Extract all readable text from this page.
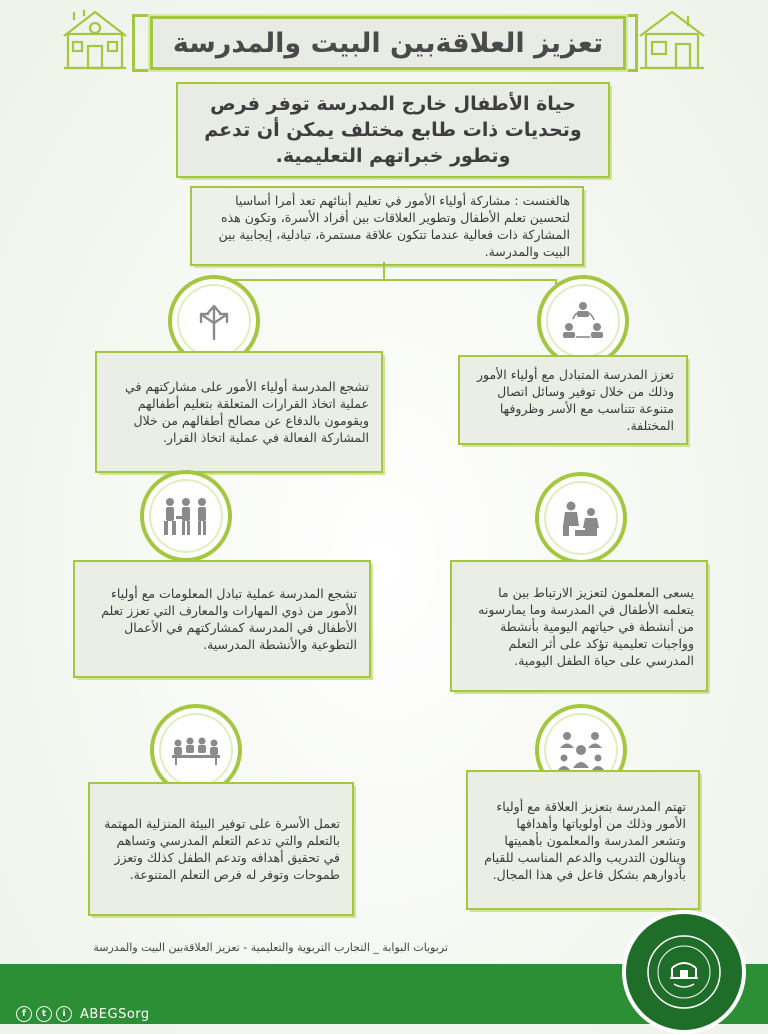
تعزيز العلاقةبين البيت والمدرسة

حياة الأطفال خارج المدرسة توفر فرص وتحديات ذات طابع مختلف يمكن أن تدعم وتطور خبراتهم التعليمية.

هالغنست : مشاركة أولياء الأمور في تعليم أبنائهم تعد أمرا أساسيا لتحسين تعلم الأطفال وتطوير العلاقات بين أفراد الأسرة، وتكون هذه المشاركة ذات فعالية عندما تتكون علاقة مستمرة، تبادلية، إيجابية بين البيت والمدرسة.

تشجع المدرسة أولياء الأمور على مشاركتهم في عملية اتخاذ القرارات المتعلقة بتعليم أطفالهم ويقومون بالدفاع عن مصالح أطفالهم من خلال المشاركة الفعالة في عملية اتخاذ القرار.

تعزز المدرسة المتبادل مع أولياء الأمور وذلك من خلال توفير وسائل اتصال متنوعة تتناسب مع الأسر وظروفها المختلفة.

تشجع المدرسة عملية تبادل المعلومات مع أولياء الأمور من ذوي المهارات والمعارف التي تعزز تعلم الأطفال في المدرسة كمشاركتهم في الأعمال التطوعية والأنشطة المدرسية.

يسعى المعلمون لتعزيز الارتباط بين ما يتعلمه الأطفال في المدرسة وما يمارسونه من أنشطة في حياتهم اليومية بأنشطة وواجبات تعليمية تؤكد على أثر التعلم المدرسي على حياة الطفل اليومية.

تعمل الأسرة على توفير البيئة المنزلية المهتمة بالتعلم والتي تدعم التعلم المدرسي وتساهم في تحقيق أهدافه وتدعم الطفل كذلك وتعزز طموحات وتوفر له فرص التعلم المتنوعة.

تهتم المدرسة بتعزيز العلاقة مع أولياء الأمور وذلك من أولوياتها وأهدافها وتشعر المدرسة والمعلمون بأهميتها وينالون التدريب والدعم المناسب للقيام بأدوارهم بشكل فاعل في هذا المجال.

تربويات البوابة _ التجارب التربوية والتعليمية - تعزيز العلاقةبين البيت والمدرسة
f	t	i	ABEGSorg
